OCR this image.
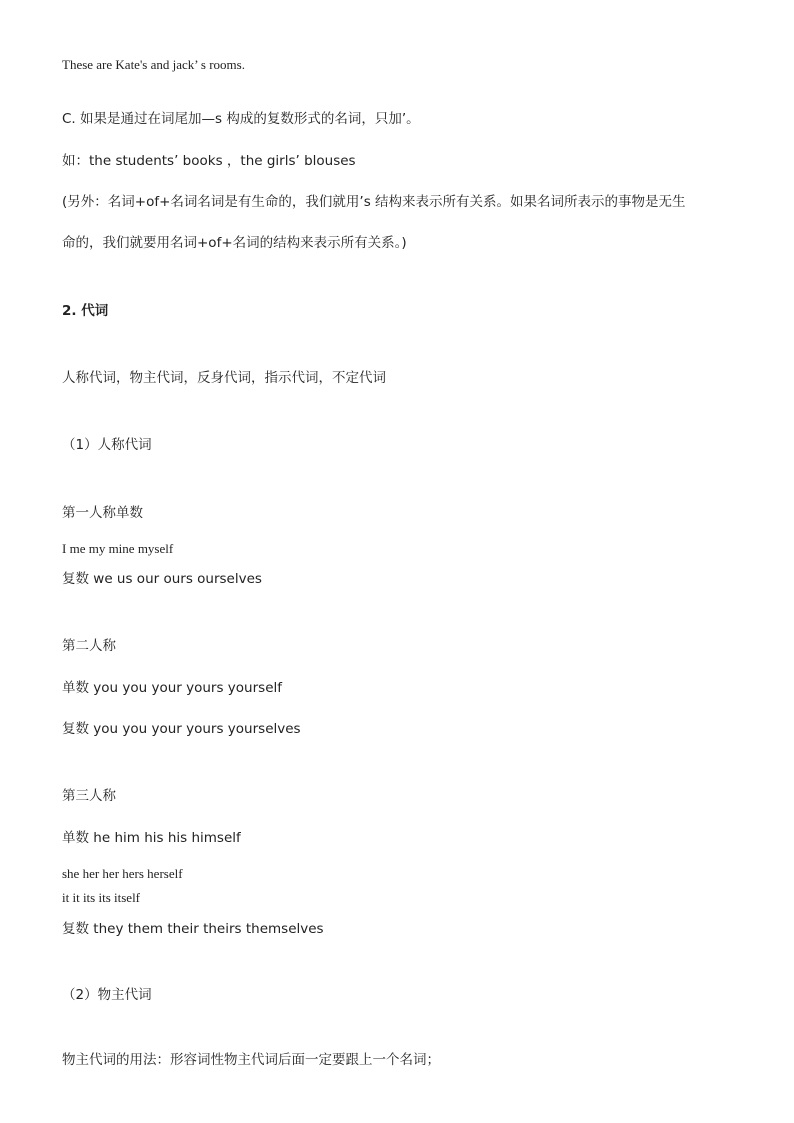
These are Kate's and jack’ s rooms.
C. 如果是通过在词尾加—s 构成的复数形式的名词，只加’。
如：the students’ books ，the girls’ blouses
(另外：名词+of+名词名词是有生命的，我们就用’s 结构来表示所有关系。如果名词所表示的事物是无生
命的，我们就要用名词+of+名词的结构来表示所有关系。)
2. 代词
人称代词，物主代词，反身代词，指示代词，不定代词
（1）人称代词
第一人称单数
I me my mine myself
复数 we us our ours ourselves
第二人称
单数 you you your yours yourself
复数 you you your yours yourselves
第三人称
单数 he him his his himself
she her her hers herself
it it its its itself
复数 they them their theirs themselves
（2）物主代词
物主代词的用法：形容词性物主代词后面一定要跟上一个名词；
